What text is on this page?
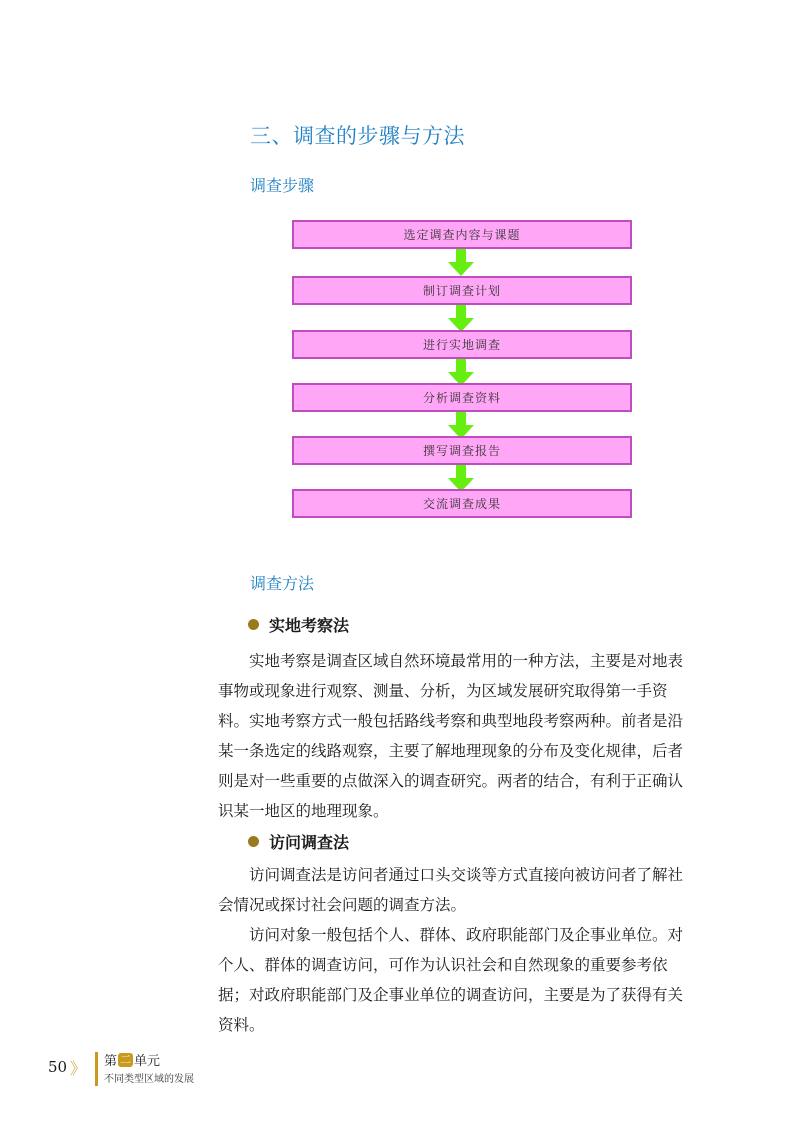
三、调查的步骤与方法
调查步骤
选定调查内容与课题
制订调查计划
进行实地调查
分析调查资料
撰写调查报告
交流调查成果
调查方法
实地考察法
　　实地考察是调查区域自然环境最常用的一种方法，主要是对地表
事物或现象进行观察、测量、分析，为区域发展研究取得第一手资
料。实地考察方式一般包括路线考察和典型地段考察两种。前者是沿
某一条选定的线路观察，主要了解地理现象的分布及变化规律，后者
则是对一些重要的点做深入的调查研究。两者的结合，有利于正确认
识某一地区的地理现象。
访问调查法
　　访问调查法是访问者通过口头交谈等方式直接向被访问者了解社
会情况或探讨社会问题的调查方法。
　　访问对象一般包括个人、群体、政府职能部门及企事业单位。对
个人、群体的调查访问，可作为认识社会和自然现象的重要参考依
据；对政府职能部门及企事业单位的调查访问，主要是为了获得有关
资料。
50 》 第 二 单元
不同类型区域的发展
